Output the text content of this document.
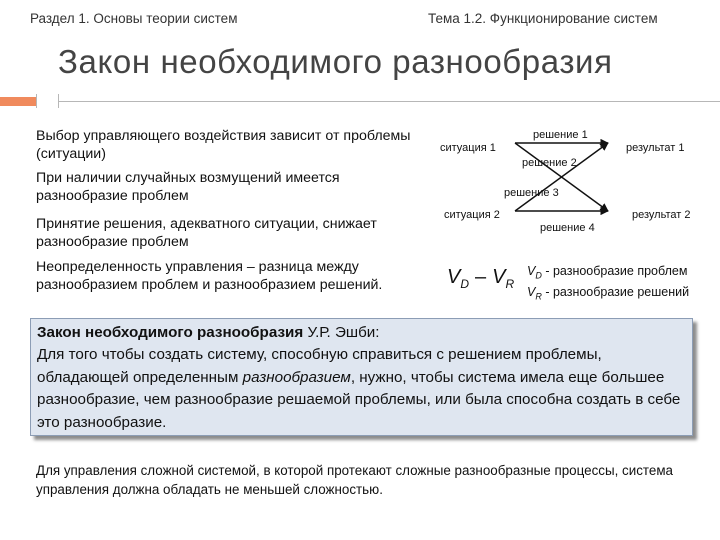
Раздел 1. Основы теории систем	Тема 1.2. Функционирование систем
Закон необходимого разнообразия
Выбор управляющего воздействия зависит от проблемы (ситуации)
При наличии случайных возмущений имеется разнообразие проблем
Принятие решения, адекватного ситуации, снижает разнообразие проблем
Неопределенность управления – разница между разнообразием проблем и разнообразием решений.
ситуация 1
ситуация 2
решение 1
решение 2
решение 3
решение 4
результат 1
результат 2
$V_D - V_R$
$V_D$ - разнообразие проблем
$V_R$ - разнообразие решений
Закон необходимого разнообразия У.Р. Эшби:
Для того чтобы создать систему, способную справиться с решением проблемы, обладающей определенным разнообразием, нужно, чтобы система имела еще большее разнообразие, чем разнообразие решаемой проблемы, или была способна создать в себе это разнообразие.
Для управления сложной системой, в которой протекают сложные разнообразные процессы, система управления должна обладать не меньшей сложностью.
